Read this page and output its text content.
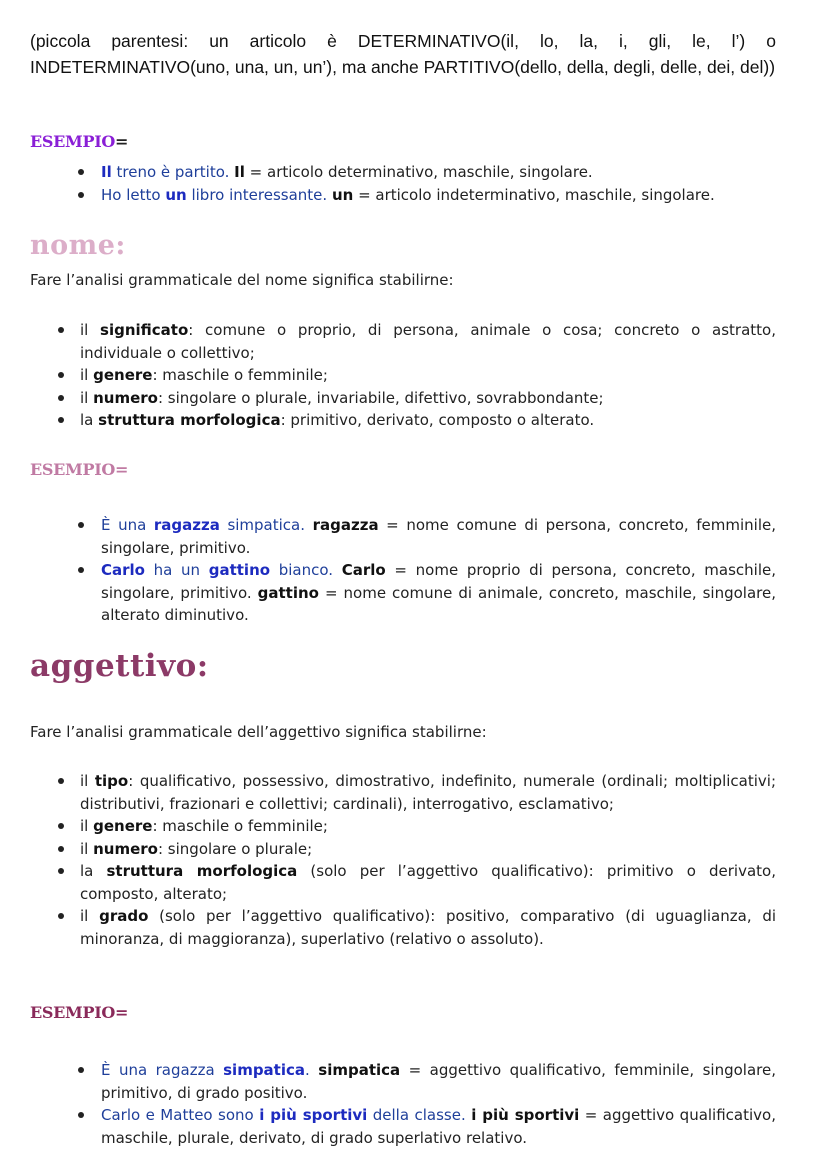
(piccola parentesi: un articolo è DETERMINATIVO(il, lo, la, i, gli, le, l’) o INDETERMINATIVO(uno, una, un, un’), ma anche PARTITIVO(dello, della, degli, delle, dei, del))

ESEMPIO=
Il treno è partito. Il = articolo determinativo, maschile, singolare.
Ho letto un libro interessante. un = articolo indeterminativo, maschile, singolare.
nome:

Fare l’analisi grammaticale del nome significa stabilirne:

il significato: comune o proprio, di persona, animale o cosa; concreto o astratto, individuale o collettivo;
il genere: maschile o femminile;
il numero: singolare o plurale, invariabile, difettivo, sovrabbondante;
la struttura morfologica: primitivo, derivato, composto o alterato.
ESEMPIO=
È una ragazza simpatica. ragazza = nome comune di persona, concreto, femminile, singolare, primitivo.
Carlo ha un gattino bianco. Carlo = nome proprio di persona, concreto, maschile, singolare, primitivo. gattino = nome comune di animale, concreto, maschile, singolare, alterato diminutivo.
aggettivo:

Fare l’analisi grammaticale dell’aggettivo significa stabilirne:

il tipo: qualificativo, possessivo, dimostrativo, indefinito, numerale (ordinali; moltiplicativi; distributivi, frazionari e collettivi; cardinali), interrogativo, esclamativo;
il genere: maschile o femminile;
il numero: singolare o plurale;
la struttura morfologica (solo per l’aggettivo qualificativo): primitivo o derivato, composto, alterato;
il grado (solo per l’aggettivo qualificativo): positivo, comparativo (di uguaglianza, di minoranza, di maggioranza), superlativo (relativo o assoluto).
ESEMPIO=
È una ragazza simpatica. simpatica = aggettivo qualificativo, femminile, singolare, primitivo, di grado positivo.
Carlo e Matteo sono i più sportivi della classe. i più sportivi = aggettivo qualificativo, maschile, plurale, derivato, di grado superlativo relativo.
